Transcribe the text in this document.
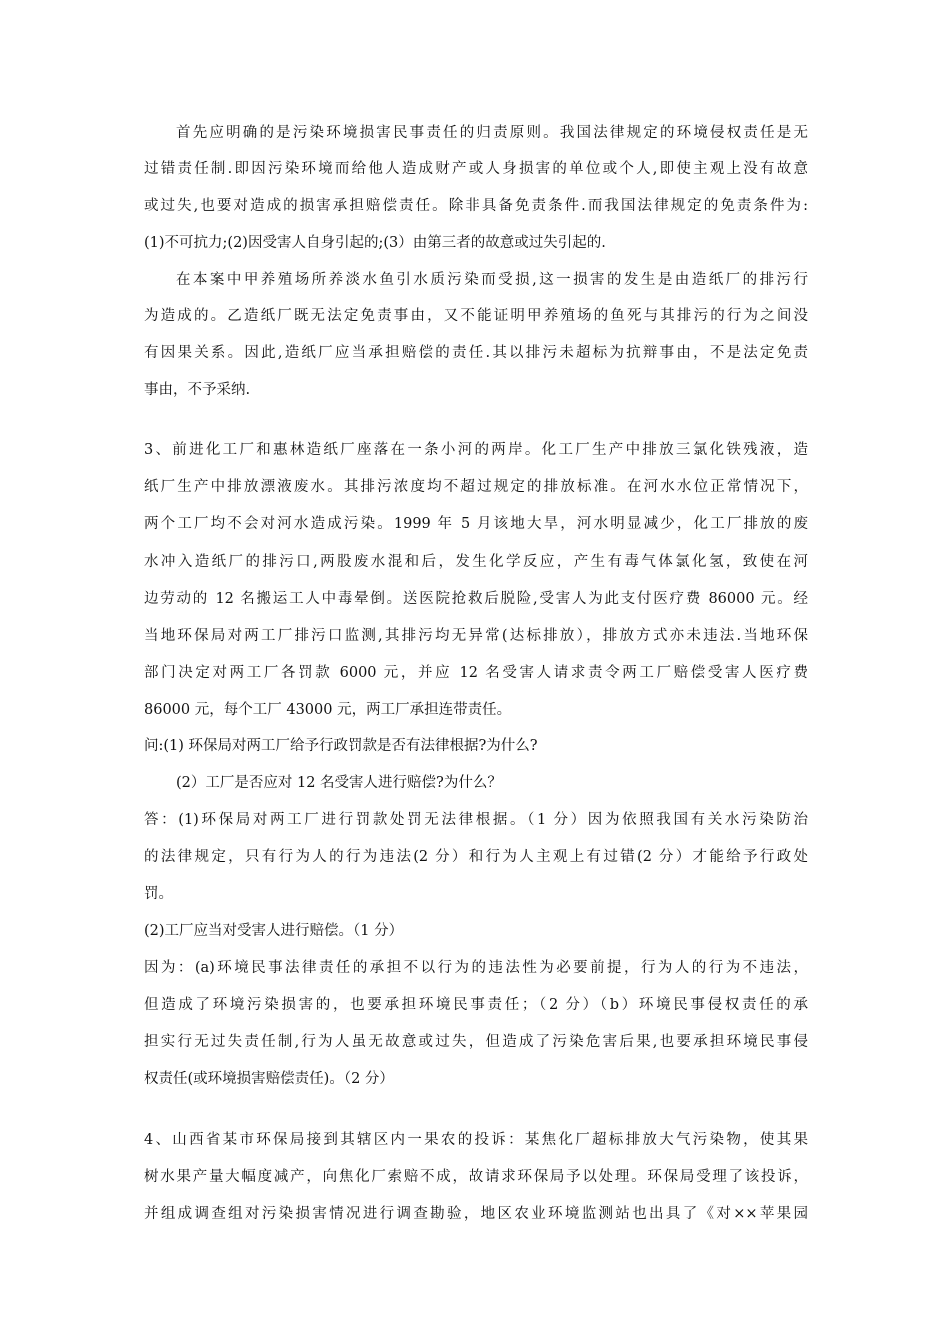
首先应明确的是污染环境损害民事责任的归责原则。我国法律规定的环境侵权责任是无
过错责任制.即因污染环境而给他人造成财产或人身损害的单位或个人,即使主观上没有故意
或过失,也要对造成的损害承担赔偿责任。除非具备免责条件.而我国法律规定的免责条件为:
(1)不可抗力;(2)因受害人自身引起的;(3）由第三者的故意或过失引起的.
在本案中甲养殖场所养淡水鱼引水质污染而受损,这一损害的发生是由造纸厂的排污行
为造成的。乙造纸厂既无法定免责事由，又不能证明甲养殖场的鱼死与其排污的行为之间没
有因果关系。因此,造纸厂应当承担赔偿的责任.其以排污未超标为抗辩事由，不是法定免责
事由，不予采纳.
3、前进化工厂和惠林造纸厂座落在一条小河的两岸。化工厂生产中排放三氯化铁残液，造
纸厂生产中排放漂液废水。其排污浓度均不超过规定的排放标准。在河水水位正常情况下，
两个工厂均不会对河水造成污染。1999 年 5 月该地大旱，河水明显减少，化工厂排放的废
水冲入造纸厂的排污口,两股废水混和后，发生化学反应，产生有毒气体氯化氢，致使在河
边劳动的 12 名搬运工人中毒晕倒。送医院抢救后脱险,受害人为此支付医疗费 86000 元。经
当地环保局对两工厂排污口监测,其排污均无异常(达标排放），排放方式亦未违法.当地环保
部门决定对两工厂各罚款 6000 元，并应 12 名受害人请求责令两工厂赔偿受害人医疗费
86000 元，每个工厂 43000 元，两工厂承担连带责任。
问:(1) 环保局对两工厂给予行政罚款是否有法律根据?为什么?
(2）工厂是否应对 12 名受害人进行赔偿?为什么？
答：(1)环保局对两工厂进行罚款处罚无法律根据。（1 分）因为依照我国有关水污染防治
的法律规定，只有行为人的行为违法(2 分）和行为人主观上有过错(2 分）才能给予行政处
罚。
(2)工厂应当对受害人进行赔偿。（1 分）
因为：(a)环境民事法律责任的承担不以行为的违法性为必要前提，行为人的行为不违法，
但造成了环境污染损害的，也要承担环境民事责任；（2 分）（b）环境民事侵权责任的承
担实行无过失责任制,行为人虽无故意或过失，但造成了污染危害后果,也要承担环境民事侵
权责任(或环境损害赔偿责任)。（2 分）
4、山西省某市环保局接到其辖区内一果农的投诉：某焦化厂超标排放大气污染物，使其果
树水果产量大幅度减产，向焦化厂索赔不成，故请求环保局予以处理。环保局受理了该投诉，
并组成调查组对污染损害情况进行调查勘验，地区农业环境监测站也出具了《对××苹果园
